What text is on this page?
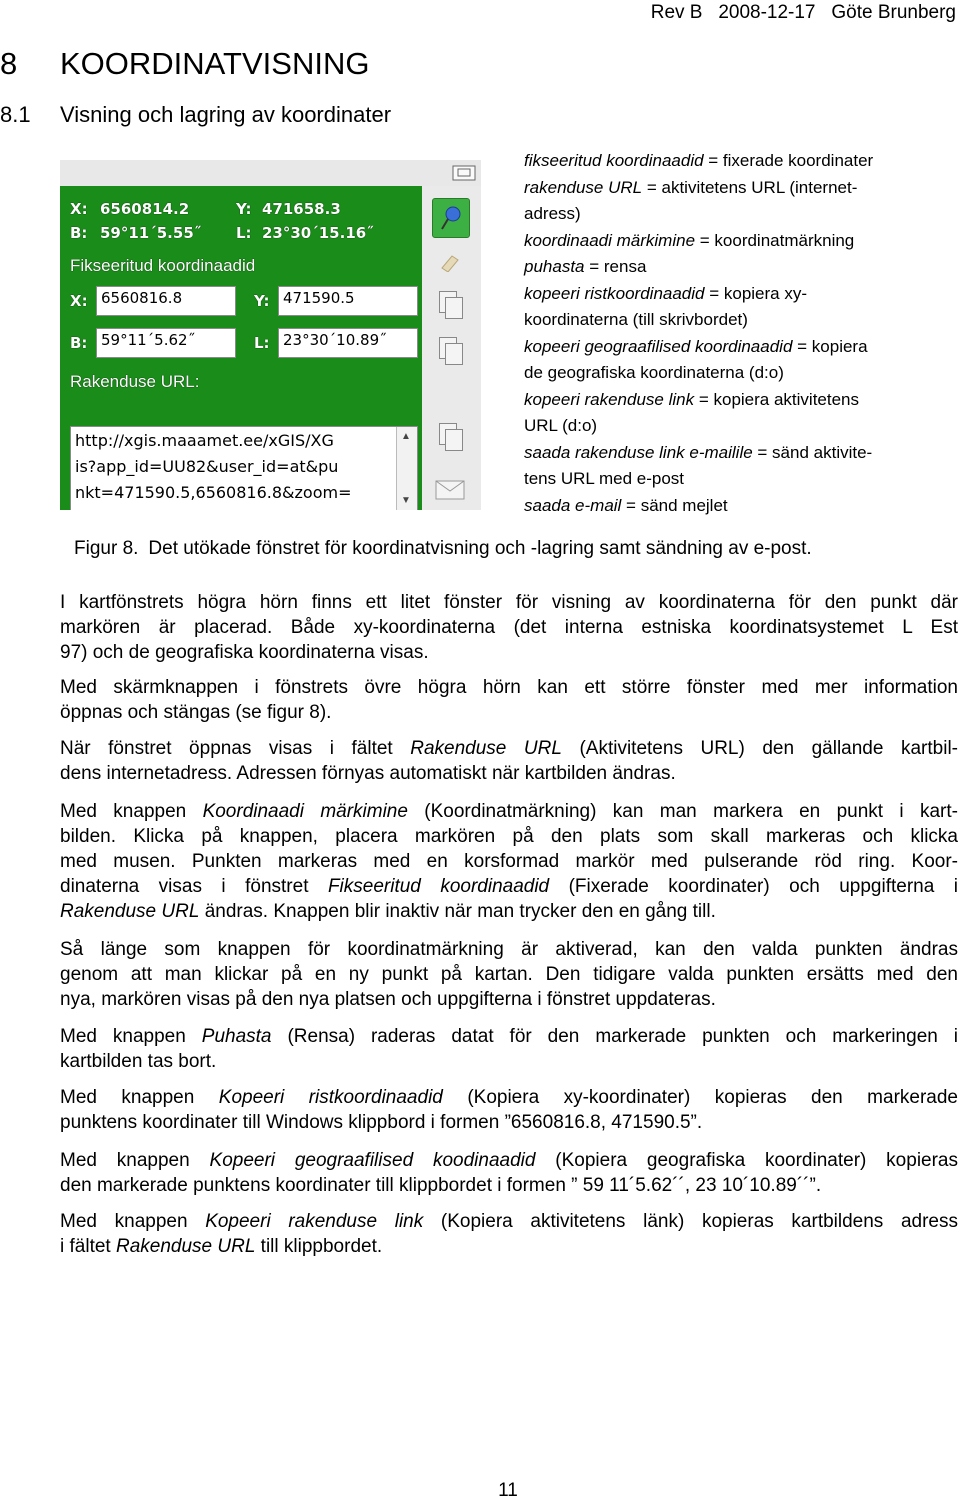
Rev B 2008-12-17 Göte Brunberg
8 KOORDINATVISNING
8.1 Visning och lagring av koordinater
X: 6560814.2	Y: 471658.3
B: 59°11´5.55˝ L: 23°30´15.16˝
Fikseeritud koordinaadid
X: 6560816.8	Y: 471590.5
B: 59°11´5.62˝	L: 23°30´10.89˝
Rakenduse URL:
http://xgis.maaamet.ee/xGIS/XG
is?app_id=UU82&user_id=at&pu
nkt=471590.5,6560816.8&zoom=
▲
▼
fikseeritud koordinaadid = fixerade koordinater
rakenduse URL = aktivitetens URL (internet-
adress)
koordinaadi märkimine = koordinatmärkning
puhasta = rensa
kopeeri ristkoordinaadid = kopiera xy-
koordinaterna (till skrivbordet)
kopeeri geograafilised koordinaadid = kopiera
de geografiska koordinaterna (d:o)
kopeeri rakenduse link = kopiera aktivitetens
URL (d:o)
saada rakenduse link e-mailile = sänd aktivite-
tens URL med e-post
saada e-mail = sänd mejlet
Figur 8. Det utökade fönstret för koordinatvisning och -lagring samt sändning av e-post.
I kartfönstrets högra hörn finns ett litet fönster för visning av koordinaterna för den punkt där
markören är placerad. Både xy-koordinaterna (det interna estniska koordinatsystemet L Est
97) och de geografiska koordinaterna visas.
Med skärmknappen i fönstrets övre högra hörn kan ett större fönster med mer information
öppnas och stängas (se figur 8).
När fönstret öppnas visas i fältet Rakenduse URL (Aktivitetens URL) den gällande kartbil-
dens internetadress. Adressen förnyas automatiskt när kartbilden ändras.
Med knappen Koordinaadi märkimine (Koordinatmärkning) kan man markera en punkt i kart-
bilden. Klicka på knappen, placera markören på den plats som skall markeras och klicka
med musen. Punkten markeras med en korsformad markör med pulserande röd ring. Koor-
dinaterna visas i fönstret Fikseeritud koordinaadid (Fixerade koordinater) och uppgifterna i
Rakenduse URL ändras. Knappen blir inaktiv när man trycker den en gång till.
Så länge som knappen för koordinatmärkning är aktiverad, kan den valda punkten ändras
genom att man klickar på en ny punkt på kartan. Den tidigare valda punkten ersätts med den
nya, markören visas på den nya platsen och uppgifterna i fönstret uppdateras.
Med knappen Puhasta (Rensa) raderas datat för den markerade punkten och markeringen i
kartbilden tas bort.
Med knappen Kopeeri ristkoordinaadid (Kopiera xy-koordinater) kopieras den markerade
punktens koordinater till Windows klippbord i formen ”6560816.8, 471590.5”.
Med knappen Kopeeri geograafilised koodinaadid (Kopiera geografiska koordinater) kopieras
den markerade punktens koordinater till klippbordet i formen ” 59 11´5.62´´, 23 10´10.89´´”.
Med knappen Kopeeri rakenduse link (Kopiera aktivitetens länk) kopieras kartbildens adress
i fältet Rakenduse URL till klippbordet.
11
